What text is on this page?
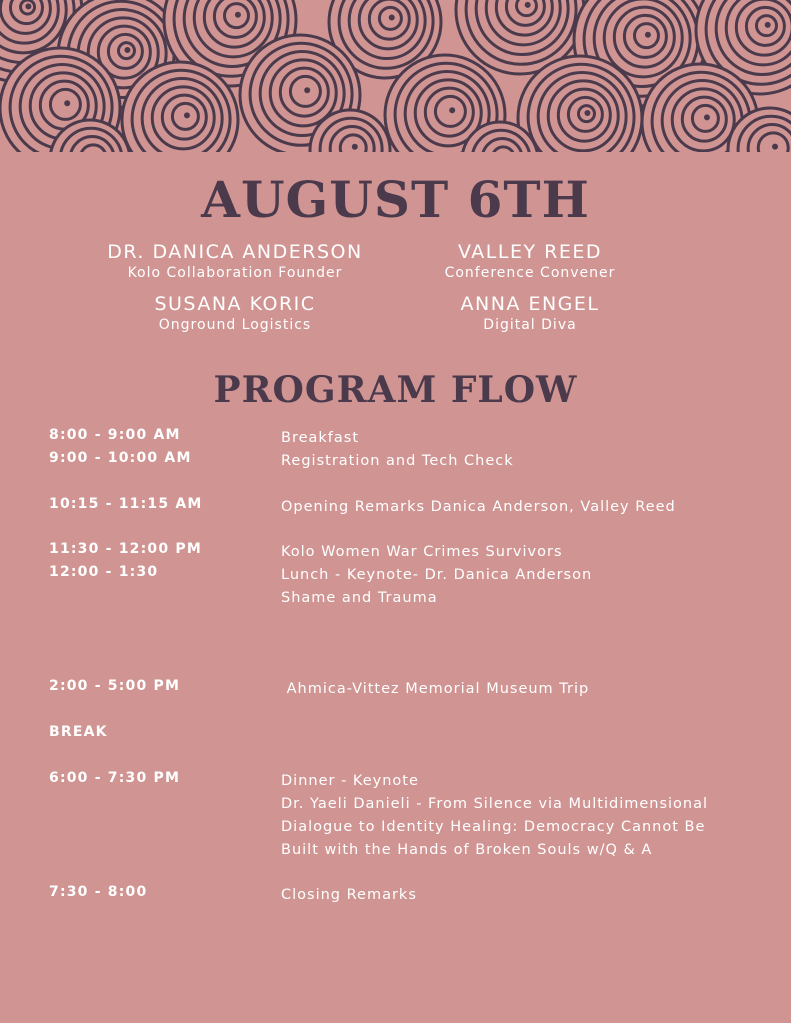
AUGUST 6TH
DR. DANICA ANDERSON
Kolo Collaboration Founder
VALLEY REED
Conference Convener
SUSANA KORIC
Onground Logistics
ANNA ENGEL
Digital Diva
PROGRAM FLOW
8:00 - 9:00 AM	Breakfast
9:00 - 10:00 AM	Registration and Tech Check
10:15 - 11:15 AM	Opening Remarks Danica Anderson, Valley Reed
11:30 - 12:00 PM	Kolo Women War Crimes Survivors
12:00 - 1:30	Lunch - Keynote- Dr. Danica Anderson
Shame and Trauma
2:00 - 5:00 PM	Ahmica-Vittez Memorial Museum Trip
BREAK
6:00 - 7:30 PM	Dinner - Keynote
Dr. Yaeli Danieli - From Silence via Multidimensional
Dialogue to Identity Healing: Democracy Cannot Be
Built with the Hands of Broken Souls w/Q & A
7:30 - 8:00	Closing Remarks
